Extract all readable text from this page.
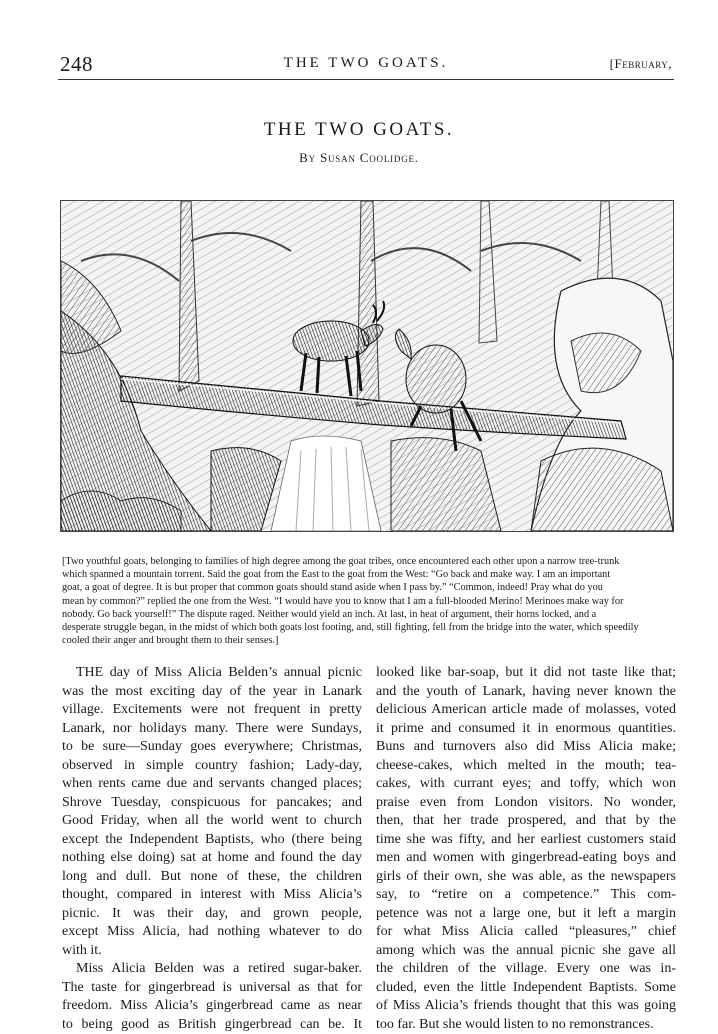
248	THE TWO GOATS.	[February,
THE TWO GOATS.
By Susan Coolidge.
[Two youthful goats, belonging to families of high degree among the goat tribes, once encountered each other upon a narrow tree-trunk
which spanned a mountain torrent. Said the goat from the East to the goat from the West: “Go back and make way. I am an important
goat, a goat of degree. It is but proper that common goats should stand aside when I pass by.” “Common, indeed! Pray what do you
mean by common?” replied the one from the West. “I would have you to know that I am a full-blooded Merino! Merinoes make way for
nobody. Go back yourself!” The dispute raged. Neither would yield an inch. At last, in heat of argument, their horns locked, and a
desperate struggle began, in the midst of which both goats lost footing, and, still fighting, fell from the bridge into the water, which speedily
cooled their anger and brought them to their senses.]
THE day of Miss Alicia Belden’s annual picnic
was the most exciting day of the year in Lanark
village. Excitements were not frequent in pretty
Lanark, nor holidays many. There were Sundays,
to be sure—Sunday goes everywhere; Christmas,
observed in simple country fashion; Lady-day,
when rents came due and servants changed places;
Shrove Tuesday, conspicuous for pancakes; and
Good Friday, when all the world went to church
except the Independent Baptists, who (there being
nothing else doing) sat at home and found the day
long and dull. But none of these, the children
thought, compared in interest with Miss Alicia’s
picnic. It was their day, and grown people,
except Miss Alicia, had nothing whatever to do
with it.
Miss Alicia Belden was a retired sugar-baker.
The taste for gingerbread is universal as that for
freedom. Miss Alicia’s gingerbread came as near
to being good as British gingerbread can be. It
looked like bar-soap, but it did not taste like that;
and the youth of Lanark, having never known the
delicious American article made of molasses, voted
it prime and consumed it in enormous quantities.
Buns and turnovers also did Miss Alicia make;
cheese-cakes, which melted in the mouth; tea-
cakes, with currant eyes; and toffy, which won
praise even from London visitors. No wonder,
then, that her trade prospered, and that by the
time she was fifty, and her earliest customers staid
men and women with gingerbread-eating boys and
girls of their own, she was able, as the newspapers
say, to “retire on a competence.” This com-
petence was not a large one, but it left a margin
for what Miss Alicia called “pleasures,” chief
among which was the annual picnic she gave all
the children of the village. Every one was in-
cluded, even the little Independent Baptists. Some
of Miss Alicia’s friends thought that this was going
too far. But she would listen to no remonstrances.
